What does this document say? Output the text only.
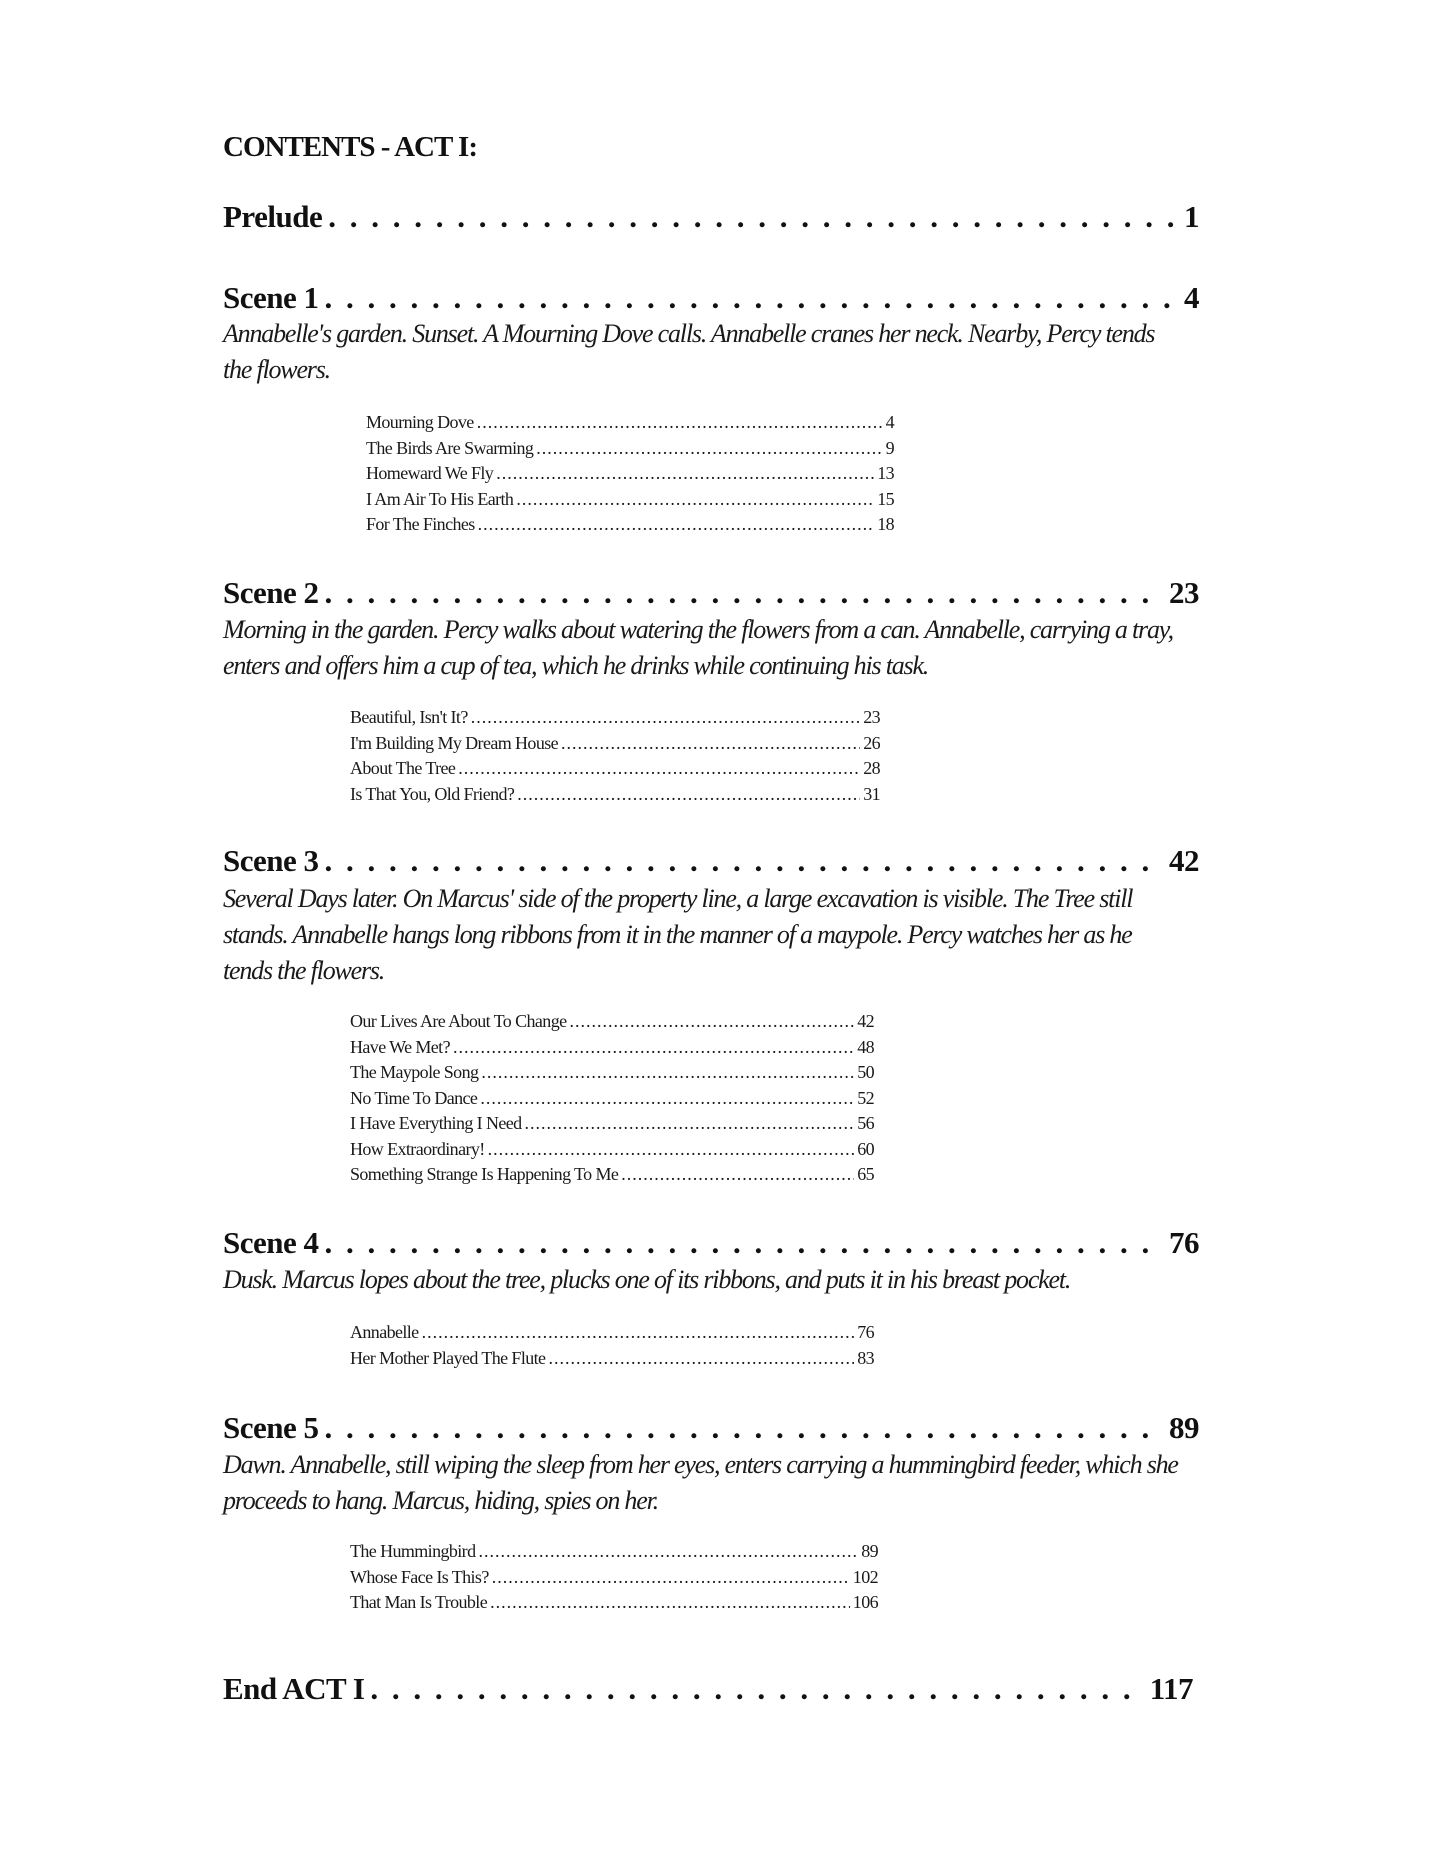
CONTENTS - ACT I:
Prelude . . .	1
Scene 1 . . .	4

Annabelle's garden. Sunset. A Mourning Dove calls. Annabelle cranes her neck. Nearby, Percy tends the flowers.

Mourning Dove .....	4
The Birds Are Swarming .....	9
Homeward We Fly .....	13
I Am Air To His Earth .....	15
For The Finches .....	18
Scene 2 . . .	23

Morning in the garden. Percy walks about watering the flowers from a can. Annabelle, carrying a tray, enters and offers him a cup of tea, which he drinks while continuing his task.

Beautiful, Isn't It? .....	23
I'm Building My Dream House .....	26
About The Tree .....	28
Is That You, Old Friend? .....	31
Scene 3 . . .	42

Several Days later. On Marcus' side of the property line, a large excavation is visible. The Tree still stands. Annabelle hangs long ribbons from it in the manner of a maypole. Percy watches her as he tends the flowers.

Our Lives Are About To Change .....	42
Have We Met? .....	48
The Maypole Song .....	50
No Time To Dance .....	52
I Have Everything I Need .....	56
How Extraordinary! .....	60
Something Strange Is Happening To Me .....	65
Scene 4 . . .	76

Dusk. Marcus lopes about the tree, plucks one of its ribbons, and puts it in his breast pocket.

Annabelle .....	76
Her Mother Played The Flute .....	83
Scene 5 . . .	89

Dawn. Annabelle, still wiping the sleep from her eyes, enters carrying a hummingbird feeder, which she proceeds to hang. Marcus, hiding, spies on her.

The Hummingbird .....	89
Whose Face Is This? .....	102
That Man Is Trouble .....	106
End ACT I . . .	117
